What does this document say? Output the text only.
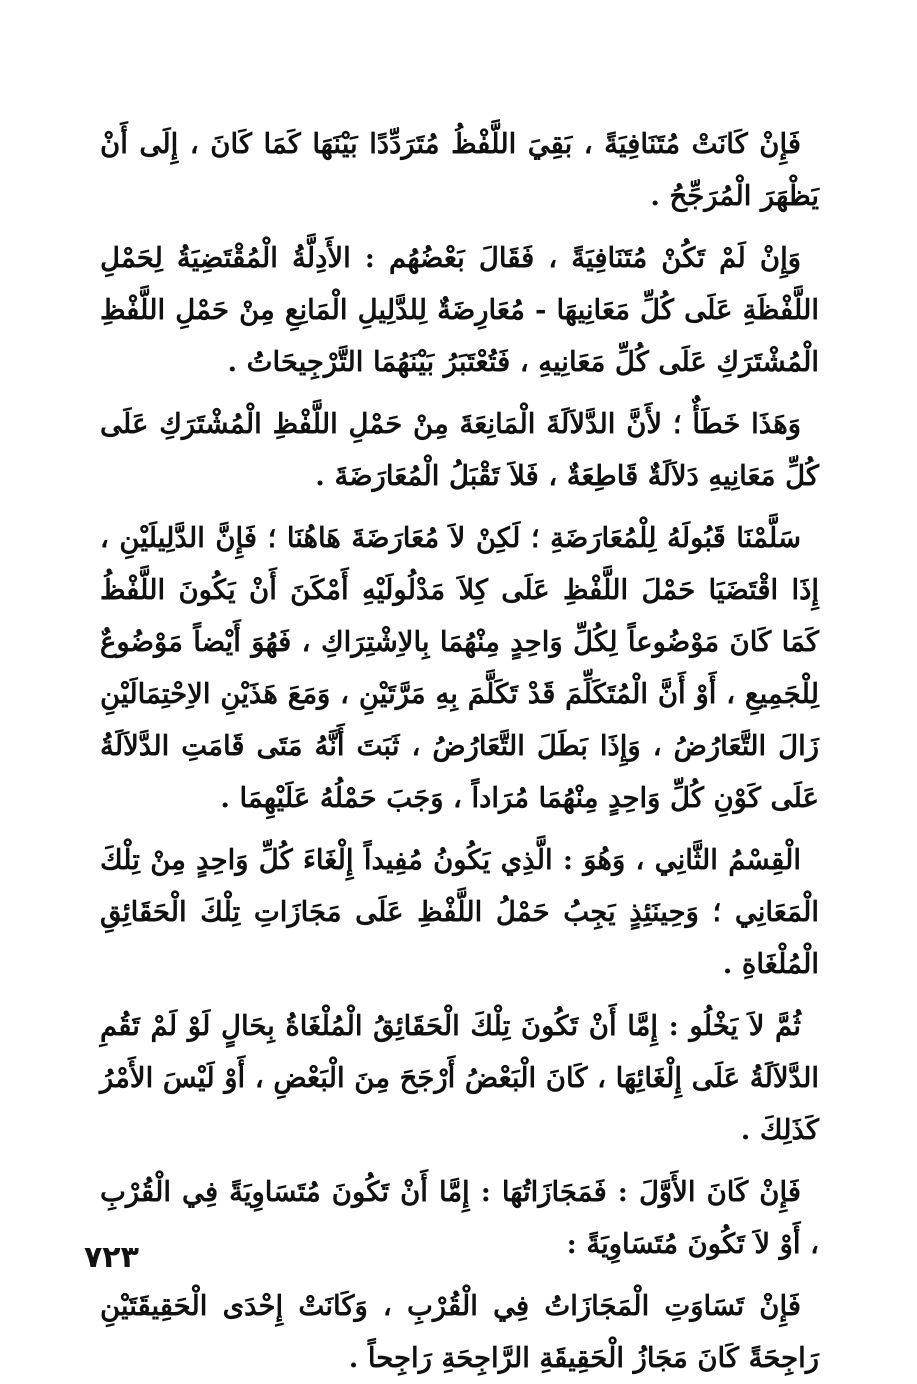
فَإِنْ كَانَتْ مُتَنَافِيَةً ، بَقِيَ اللَّفْظُ مُتَرَدِّدًا بَيْنَهَا كَمَا كَانَ ، إِلَى أَنْ يَظْهَرَ الْمُرَجِّحُ .

وَإِنْ لَمْ تَكُنْ مُتَنَافِيَةً ، فَقَالَ بَعْضُهُم : الأَدِلَّةُ الْمُقْتَضِيَةُ لِحَمْلِ اللَّفْظَةِ عَلَى كُلِّ مَعَانِيهَا - مُعَارِضَةٌ لِلدَّلِيلِ الْمَانِعِ مِنْ حَمْلِ اللَّفْظِ الْمُشْتَرَكِ عَلَى كُلِّ مَعَانِيهِ ، فَتُعْتَبَرُ بَيْنَهُمَا التَّرْجِيحَاتُ .

وَهَذَا خَطَأٌ ؛ لأَنَّ الدَّلاَلَةَ الْمَانِعَةَ مِنْ حَمْلِ اللَّفْظِ الْمُشْتَرَكِ عَلَى كُلِّ مَعَانِيهِ دَلاَلَةٌ قَاطِعَةٌ ، فَلاَ تَقْبَلُ الْمُعَارَضَةَ .

سَلَّمْنَا قَبُولَهُ لِلْمُعَارَضَةِ ؛ لَكِنْ لاَ مُعَارَضَةَ هَاهُنَا ؛ فَإِنَّ الدَّلِيلَيْنِ ، إِذَا اقْتَضَيَا حَمْلَ اللَّفْظِ عَلَى كِلاَ مَدْلُولَيْهِ أَمْكَنَ أَنْ يَكُونَ اللَّفْظُ كَمَا كَانَ مَوْضُوعاً لِكُلِّ وَاحِدٍ مِنْهُمَا بِالاِشْتِرَاكِ ، فَهُوَ أَيْضاً مَوْضُوعٌ لِلْجَمِيعِ ، أَوْ أَنَّ الْمُتَكَلِّمَ قَدْ تَكَلَّمَ بِهِ مَرَّتَيْنِ ، وَمَعَ هَذَيْنِ الاِحْتِمَالَيْنِ زَالَ التَّعَارُضُ ، وَإِذَا بَطَلَ التَّعَارُضُ ، ثَبَتَ أَنَّهُ مَتَى قَامَتِ الدَّلاَلَةُ عَلَى كَوْنِ كُلِّ وَاحِدٍ مِنْهُمَا مُرَاداً ، وَجَبَ حَمْلُهُ عَلَيْهِمَا .

الْقِسْمُ الثَّانِي ، وَهُوَ : الَّذِي يَكُونُ مُفِيداً إِلْغَاءَ كُلِّ وَاحِدٍ مِنْ تِلْكَ الْمَعَانِي ؛ وَحِينَئِذٍ يَجِبُ حَمْلُ اللَّفْظِ عَلَى مَجَازَاتِ تِلْكَ الْحَقَائِقِ الْمُلْغَاةِ .

ثُمَّ لاَ يَخْلُو : إِمَّا أَنْ تَكُونَ تِلْكَ الْحَقَائِقُ الْمُلْغَاةُ بِحَالٍ لَوْ لَمْ تَقُمِ الدَّلاَلَةُ عَلَى إِلْغَائِهَا ، كَانَ الْبَعْضُ أَرْجَحَ مِنَ الْبَعْضِ ، أَوْ لَيْسَ الأَمْرُ كَذَلِكَ .

فَإِنْ كَانَ الأَوَّلَ : فَمَجَازَاتُهَا : إِمَّا أَنْ تَكُونَ مُتَسَاوِيَةً فِي الْقُرْبِ ، أَوْ لاَ تَكُونَ مُتَسَاوِيَةً :

فَإِنْ تَسَاوَتِ الْمَجَازَاتُ فِي الْقُرْبِ ، وَكَانَتْ إِحْدَى الْحَقِيقَتَيْنِ رَاجِحَةً كَانَ مَجَازُ الْحَقِيقَةِ الرَّاجِحَةِ رَاجِحاً .

٧٢٣
